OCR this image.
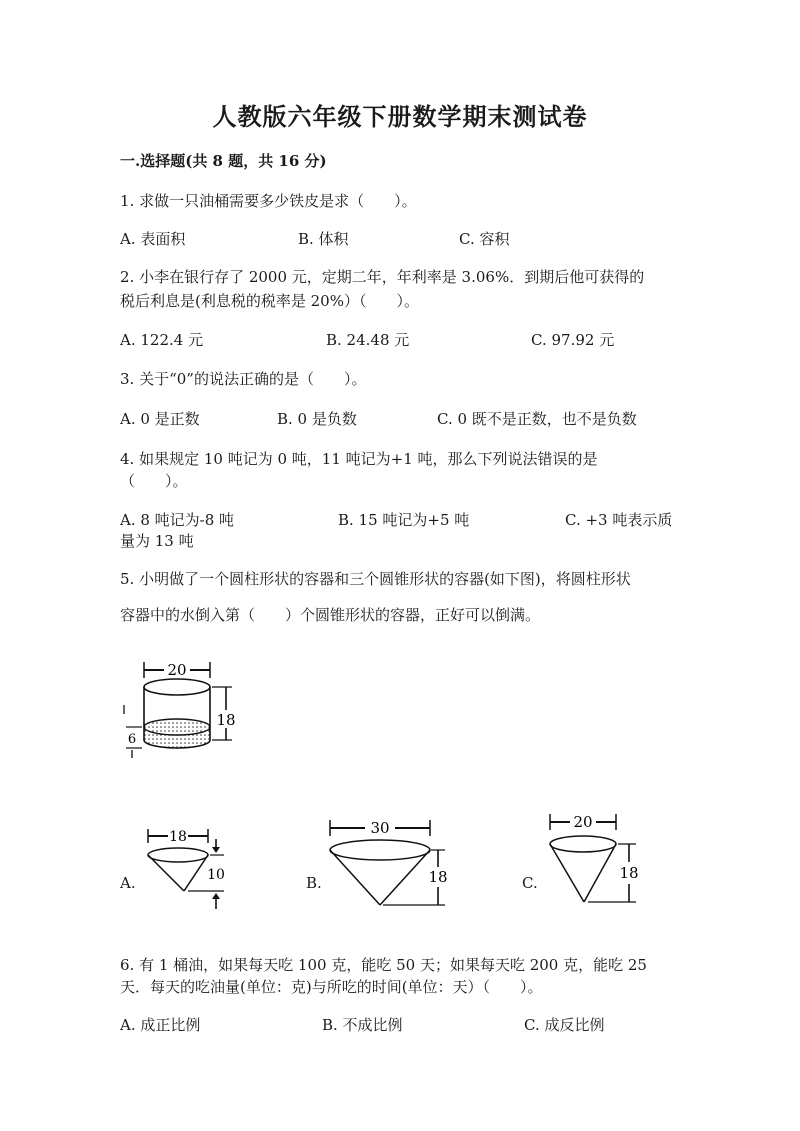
人教版六年级下册数学期末测试卷
一.选择题(共 8 题，共 16 分)
1. 求做一只油桶需要多少铁皮是求（　　）。
A. 表面积	B. 体积	C. 容积
2. 小李在银行存了 2000 元，定期二年，年利率是 3.06%．到期后他可获得的
税后利息是(利息税的税率是 20%）（　　）。
A. 122.4 元	B. 24.48 元	C. 97.92 元
3. 关于“0”的说法正确的是（　　）。
A. 0 是正数	B. 0 是负数	C. 0 既不是正数，也不是负数
4. 如果规定 10 吨记为 0 吨，11 吨记为+1 吨，那么下列说法错误的是
（　　）。
A. 8 吨记为-8 吨	B. 15 吨记为+5 吨	C. +3 吨表示质
量为 13 吨
5. 小明做了一个圆柱形状的容器和三个圆锥形状的容器(如下图)，将圆柱形状
容器中的水倒入第（　　）个圆锥形状的容器，正好可以倒满。
20
18
6
A.
18
10	B.
30
18	C.
20
18
6. 有 1 桶油，如果每天吃 100 克，能吃 50 天；如果每天吃 200 克，能吃 25
天．每天的吃油量(单位：克)与所吃的时间(单位：天）（　　）。
A. 成正比例	B. 不成比例	C. 成反比例
